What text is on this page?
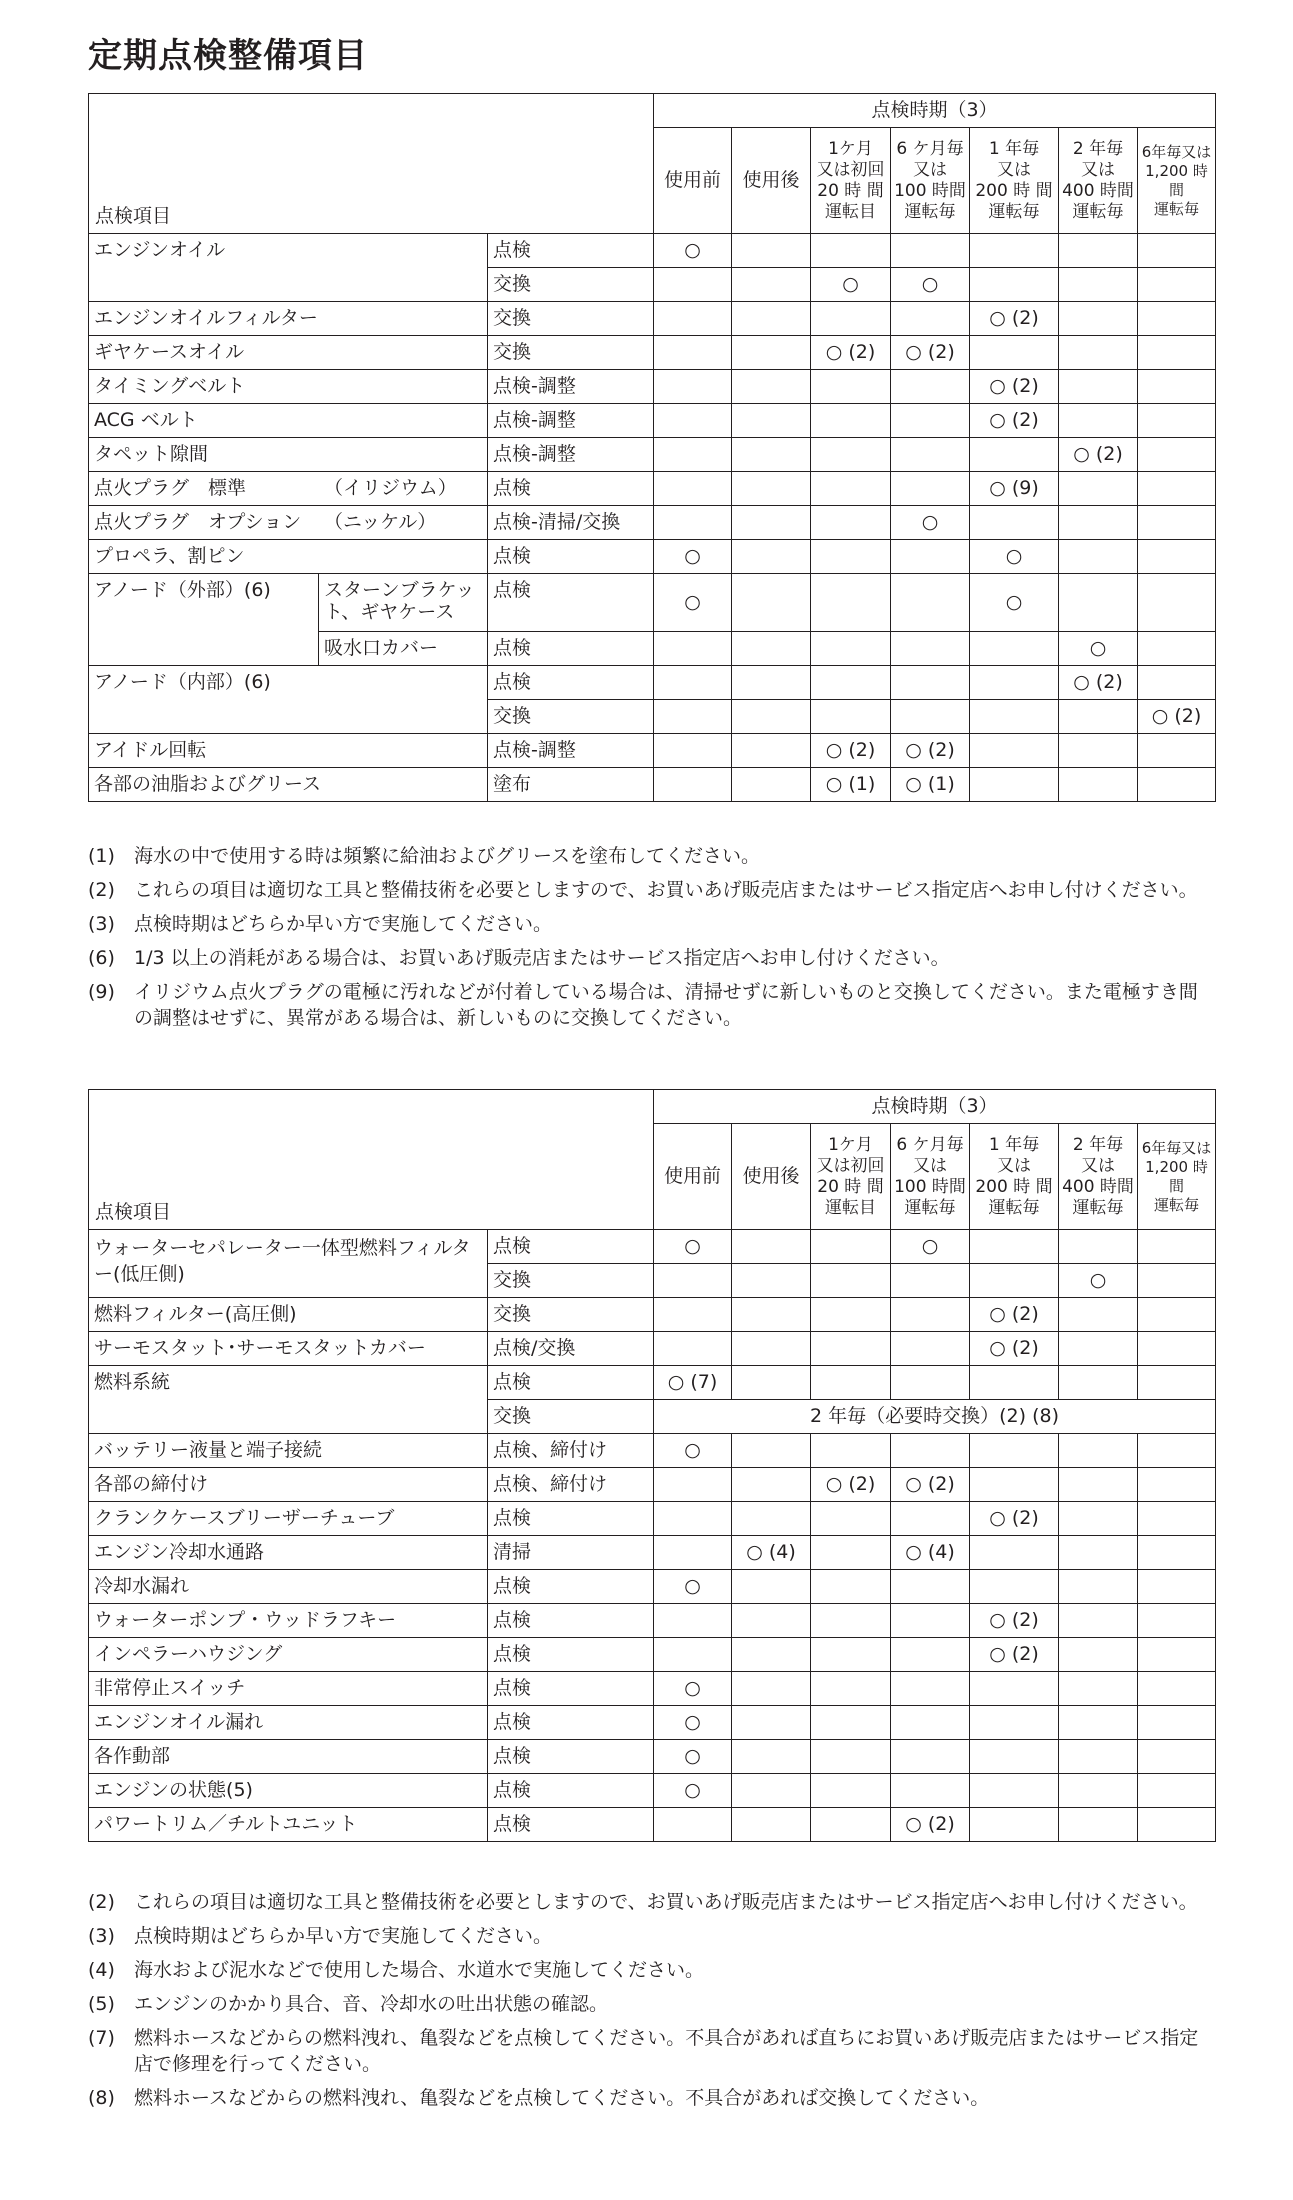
定期点検整備項目
点検項目			点検時期（3）						
			使用前	使用後	1ケ月
又は初回
20 時 間
運転目	6 ケ月毎
又は
100 時間
運転毎	1 年毎
又は
200 時 間
運転毎	2 年毎
又は
400 時間
運転毎	6年毎又は
1,200 時間
運転毎

エンジンオイル		点検	○						
		交換			○	○			
エンジンオイルフィルター		交換					○ (2)		
ギヤケースオイル		交換			○ (2)	○ (2)			
タイミングベルト		点検-調整					○ (2)		
ACG ベルト		点検-調整					○ (2)		
タペット隙間		点検-調整						○ (2)	
点火プラグ　標準 （イリジウム）		点検					○ (9)		
点火プラグ　オプション （ニッケル）		点検-清掃/交換				○			
プロペラ、割ピン		点検	○				○		
アノード（外部）(6)	スターンブラケット、ギヤケース	点検	○				○		
	吸水口カバー	点検						○	
アノード（内部）(6)		点検						○ (2)	
		交換							○ (2)
アイドル回転		点検-調整			○ (2)	○ (2)			
各部の油脂およびグリース		塗布			○ (1)	○ (1)			
(1)	海水の中で使用する時は頻繁に給油およびグリースを塗布してください。
(2)	これらの項目は適切な工具と整備技術を必要としますので、お買いあげ販売店またはサービス指定店へお申し付けください。
(3)	点検時期はどちらか早い方で実施してください。
(6)	1/3 以上の消耗がある場合は、お買いあげ販売店またはサービス指定店へお申し付けください。
(9)	イリジウム点火プラグの電極に汚れなどが付着している場合は、清掃せずに新しいものと交換してください。また電極すき間の調整はせずに、異常がある場合は、新しいものに交換してください。
点検項目		点検時期（3）						
		使用前	使用後	1ケ月
又は初回
20 時 間
運転目	6 ケ月毎
又は
100 時間
運転毎	1 年毎
又は
200 時 間
運転毎	2 年毎
又は
400 時間
運転毎	6年毎又は
1,200 時間
運転毎

ウォーターセパレーター一体型燃料フィルター(低圧側)	点検	○			○			
	交換						○	
燃料フィルター(高圧側)	交換					○ (2)		
サーモスタット･サーモスタットカバー	点検/交換					○ (2)		
燃料系統	点検	○ (7)						
	交換	2 年毎（必要時交換）(2) (8)						
バッテリー液量と端子接続	点検、締付け	○						
各部の締付け	点検、締付け			○ (2)	○ (2)			
クランクケースブリーザーチューブ	点検					○ (2)		
エンジン冷却水通路	清掃		○ (4)		○ (4)			
冷却水漏れ	点検	○						
ウォーターポンプ・ウッドラフキー	点検					○ (2)		
インペラーハウジング	点検					○ (2)		
非常停止スイッチ	点検	○						
エンジンオイル漏れ	点検	○						
各作動部	点検	○						
エンジンの状態(5)	点検	○						
パワートリム／チルトユニット	点検				○ (2)			
(2)	これらの項目は適切な工具と整備技術を必要としますので、お買いあげ販売店またはサービス指定店へお申し付けください。
(3)	点検時期はどちらか早い方で実施してください。
(4)	海水および泥水などで使用した場合、水道水で実施してください。
(5)	エンジンのかかり具合、音、冷却水の吐出状態の確認。
(7)	燃料ホースなどからの燃料洩れ、亀裂などを点検してください。不具合があれば直ちにお買いあげ販売店またはサービス指定店で修理を行ってください。
(8)	燃料ホースなどからの燃料洩れ、亀裂などを点検してください。不具合があれば交換してください。
